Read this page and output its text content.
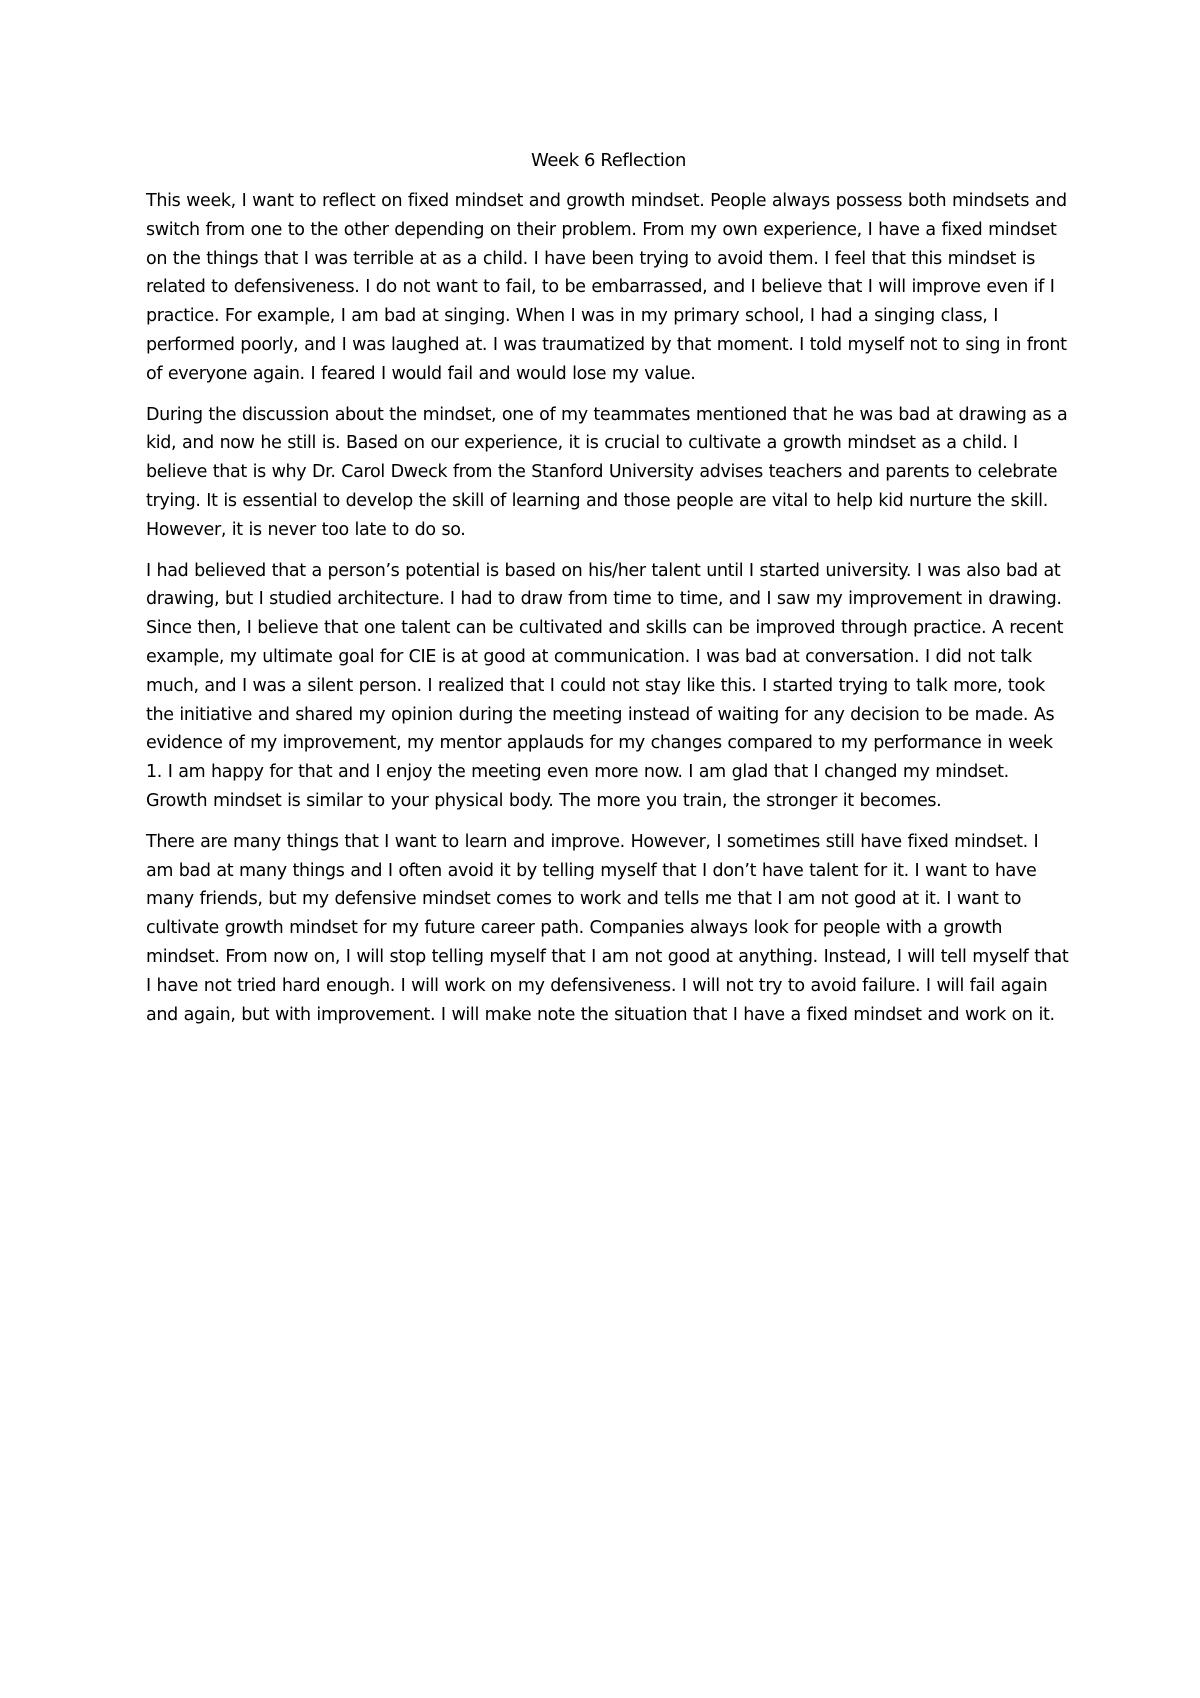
Week 6 Reflection

This week, I want to reflect on fixed mindset and growth mindset. People always possess both mindsets and switch from one to the other depending on their problem. From my own experience, I have a fixed mindset on the things that I was terrible at as a child. I have been trying to avoid them. I feel that this mindset is related to defensiveness. I do not want to fail, to be embarrassed, and I believe that I will improve even if I practice. For example, I am bad at singing. When I was in my primary school, I had a singing class, I performed poorly, and I was laughed at. I was traumatized by that moment. I told myself not to sing in front of everyone again. I feared I would fail and would lose my value.

During the discussion about the mindset, one of my teammates mentioned that he was bad at drawing as a kid, and now he still is. Based on our experience, it is crucial to cultivate a growth mindset as a child. I believe that is why Dr. Carol Dweck from the Stanford University advises teachers and parents to celebrate trying. It is essential to develop the skill of learning and those people are vital to help kid nurture the skill. However, it is never too late to do so.

I had believed that a person’s potential is based on his/her talent until I started university. I was also bad at drawing, but I studied architecture. I had to draw from time to time, and I saw my improvement in drawing. Since then, I believe that one talent can be cultivated and skills can be improved through practice. A recent example, my ultimate goal for CIE is at good at communication. I was bad at conversation. I did not talk much, and I was a silent person. I realized that I could not stay like this. I started trying to talk more, took the initiative and shared my opinion during the meeting instead of waiting for any decision to be made. As evidence of my improvement, my mentor applauds for my changes compared to my performance in week 1. I am happy for that and I enjoy the meeting even more now. I am glad that I changed my mindset. Growth mindset is similar to your physical body. The more you train, the stronger it becomes.

There are many things that I want to learn and improve. However, I sometimes still have fixed mindset. I am bad at many things and I often avoid it by telling myself that I don’t have talent for it. I want to have many friends, but my defensive mindset comes to work and tells me that I am not good at it. I want to cultivate growth mindset for my future career path. Companies always look for people with a growth mindset. From now on, I will stop telling myself that I am not good at anything. Instead, I will tell myself that I have not tried hard enough. I will work on my defensiveness. I will not try to avoid failure. I will fail again and again, but with improvement. I will make note the situation that I have a fixed mindset and work on it.
